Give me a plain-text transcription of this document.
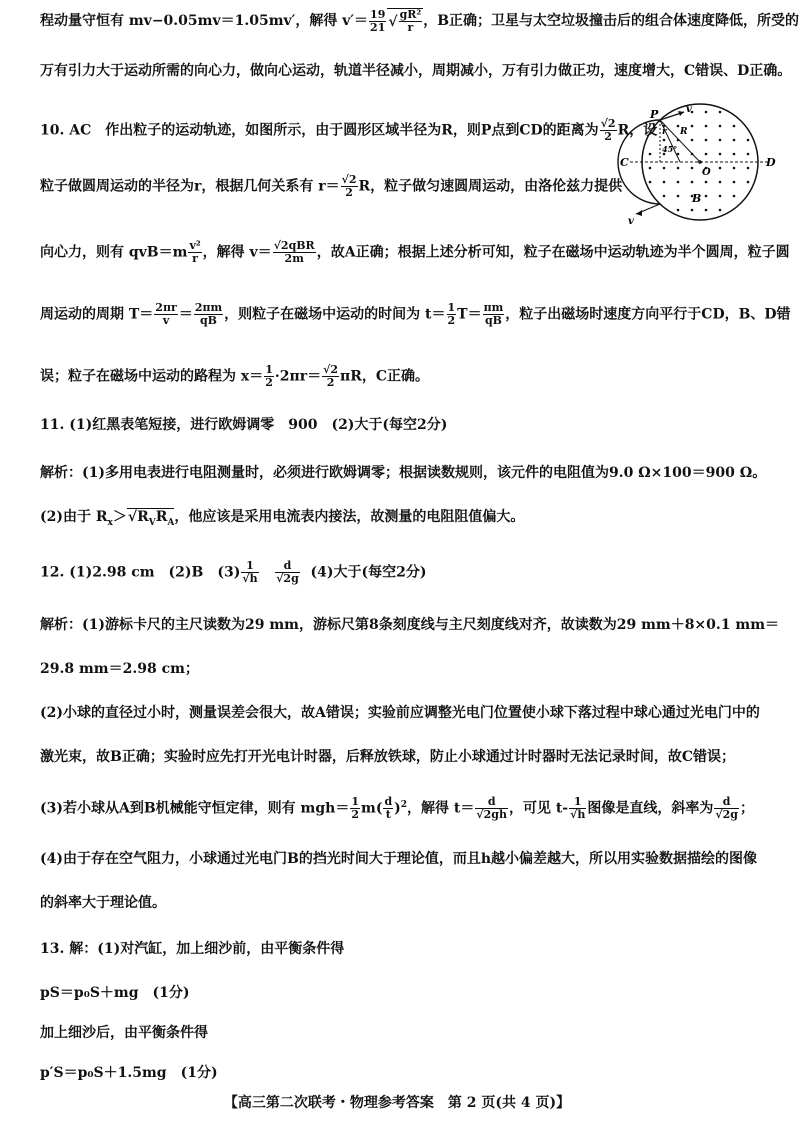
程动量守恒有 mv−0.05mv＝1.05mv′，解得 $v'= \frac{19}{21}$
√ $\frac{\text{gR²}}{r}$ ，B正确；卫星与太空垃圾撞击后的组合体速度降低，所受的
万有引力大于运动所需的向心力，做向心运动，轨道半径减小，周期减小，万有引力做正功，速度增大，C错误、D正确。
10. AC　作出粒子的运动轨迹，如图所示，由于圆形区域半径为R，则P点到CD的距离为 $\frac{√2}{2}$ R，设
粒子做圆周运动的半径为r，根据几何关系有 $r= \frac{√2}{2}$ R，粒子做匀速圆周运动，由洛伦兹力提供
向心力，则有 $qvB=m \frac{\text{v²}}{r}$ ，解得 $v= \frac{\text{√2qBR}}{2m}$ ，故A正确；根据上述分析可知，粒子在磁场中运动轨迹为半个圆周，粒子圆
周运动的周期 $T= \frac{2\pi r}{v} = \frac{2\pi m}{qB}$ ，则粒子在磁场中运动的时间为 $t= \frac{1}{2} T= \frac{\pi m}{qB}$ ，粒子出磁场时速度方向平行于CD，B、D错
误；粒子在磁场中运动的路程为 $x= \frac{1}{2} \cdot 2\pi r= \frac{√2}{2}$ πR，C正确。
11. (1)红黑表笔短接，进行欧姆调零　900　(2)大于(每空2分)
解析：(1)多用电表进行电阻测量时，必须进行欧姆调零；根据读数规则，该元件的电阻值为9.0 Ω×100＝900 Ω。
(2)由于 $R_x>√$ $R_VR_A$，他应该是采用电流表内接法，故测量的电阻阻值偏大。
12. (1)2.98 cm　(2)B　$(3) \frac{1}{√h}$
$\frac{d}{√2g} (4)$大于(每空2分)
解析：(1)游标卡尺的主尺读数为29 mm，游标尺第8条刻度线与主尺刻度线对齐，故读数为29 mm＋8×0.1 mm＝
29.8 mm＝2.98 cm；
(2)小球的直径过小时，测量误差会很大，故A错误；实验前应调整光电门位置使小球下落过程中球心通过光电门中的
激光束，故B正确；实验时应先打开光电计时器，后释放铁球，防止小球通过计时器时无法记录时间，故C错误；
(3)若小球从A到B机械能守恒定律，则有 $mgh= \frac{1}{2} m( \frac{d}{t} )^2$，解得 $t= \frac{d}{√2gh}$ ，可见 $t- \frac{1}{√h}$ 图像是直线，斜率为 $\frac{d}{√2g}$ ；
(4)由于存在空气阻力，小球通过光电门B的挡光时间大于理论值，而且h越小偏差越大，所以用实验数据描绘的图像
的斜率大于理论值。
13. 解：(1)对汽缸，加上细沙前，由平衡条件得
pS＝p₀S＋mg　(1分)
加上细沙后，由平衡条件得
p′S＝p₀S＋1.5mg　(1分)
P
C	D
O
B
v
v
r R
45°
【高三第二次联考・物理参考答案　第 2 页(共 4 页)】
